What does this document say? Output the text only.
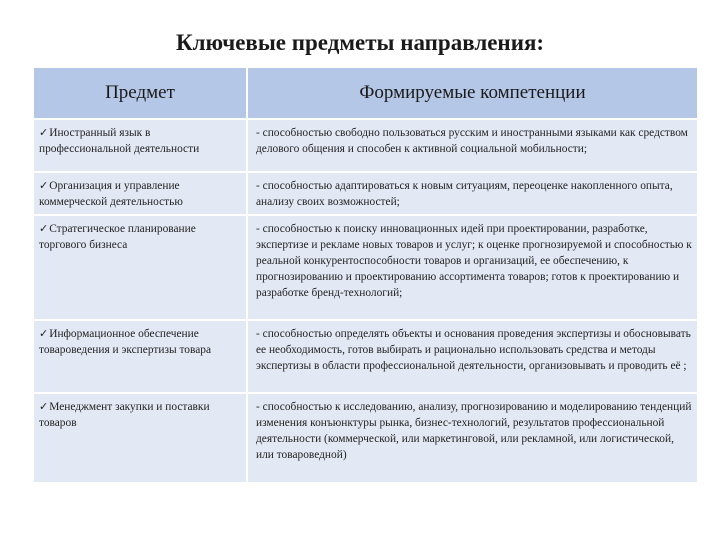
Ключевые предметы направления:
Предмет	Формируемые компетенции
✓Иностранный язык в профессиональной деятельности	- способностью свободно пользоваться русским и иностранными языками как средством делового общения и способен к активной социальной мобильности;
✓Организация и управление коммерческой деятельностью	- способностью адаптироваться к новым ситуациям, переоценке накопленного опыта, анализу своих возможностей;
✓Стратегическое планирование торгового бизнеса	- способностью к поиску инновационных идей при проектировании, разработке, экспертизе и рекламе новых товаров и услуг; к оценке прогнозируемой и способностью к реальной конкурентоспособности товаров и организаций, ее обеспечению, к прогнозированию и проектированию ассортимента товаров; готов к проектированию и разработке бренд-технологий;
✓Информационное обеспечение товароведения и экспертизы товара	- способностью определять объекты и основания проведения экспертизы и обосновывать ее необходимость, готов выбирать и рационально использовать средства и методы экспертизы в области профессиональной деятельности, организовывать и проводить её ;
✓Менеджмент закупки и поставки товаров	- способностью к исследованию, анализу, прогнозированию и моделированию тенденций изменения конъюнктуры рынка, бизнес-технологий, результатов профессиональной деятельности (коммерческой, или маркетинговой, или рекламной, или логистической, или товароведной)
